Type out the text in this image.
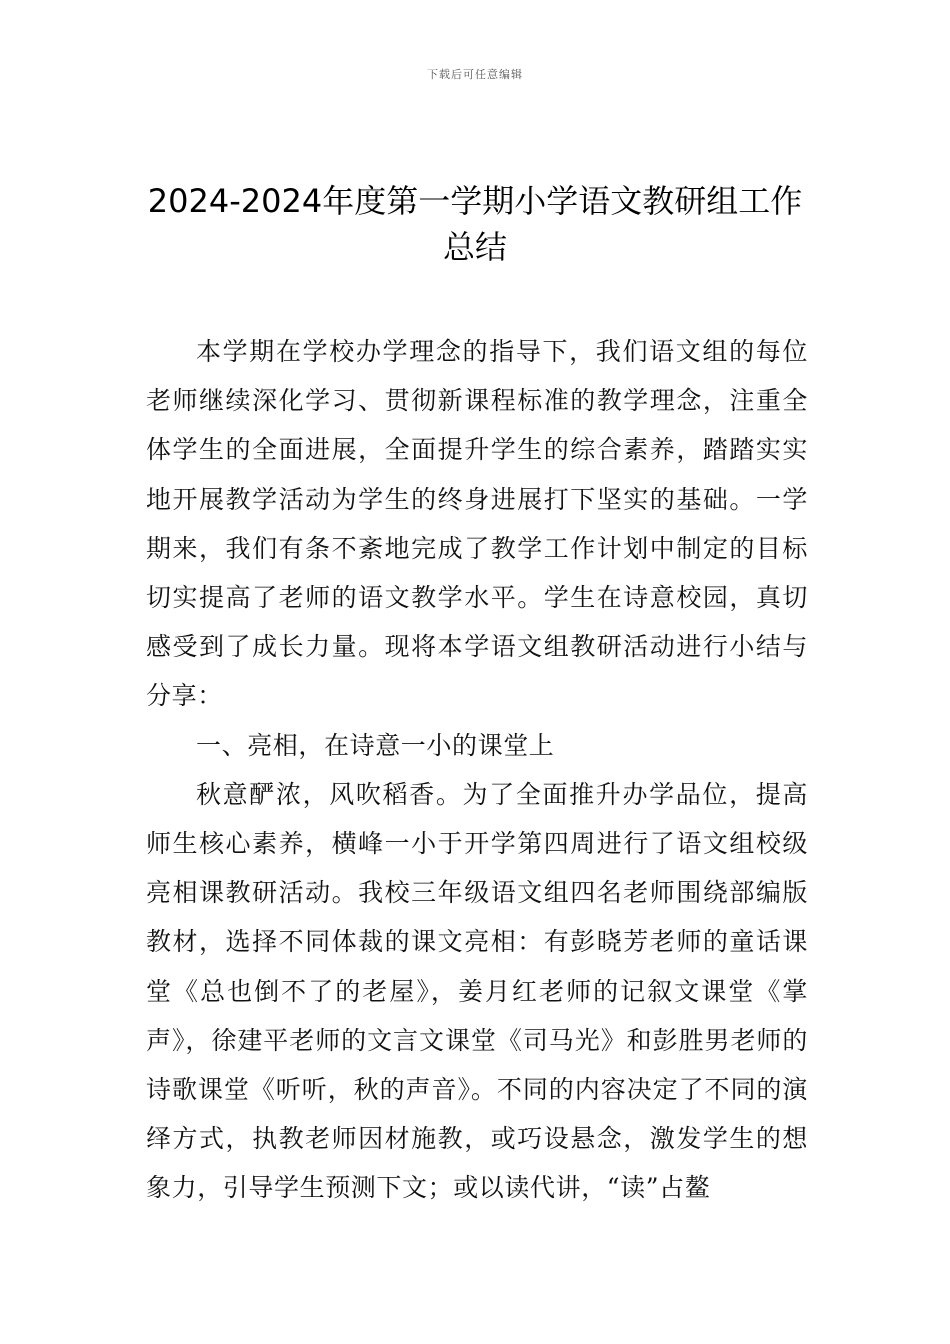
下载后可任意编辑
2024-2024年度第一学期小学语文教研组工作总结

本学期在学校办学理念的指导下，我们语文组的每位老师继续深化学习、贯彻新课程标准的教学理念，注重全体学生的全面进展，全面提升学生的综合素养，踏踏实实地开展教学活动为学生的终身进展打下坚实的基础。一学期来，我们有条不紊地完成了教学工作计划中制定的目标切实提高了老师的语文教学水平。学生在诗意校园，真切感受到了成长力量。现将本学语文组教研活动进行小结与分享：

一、亮相，在诗意一小的课堂上

秋意酽浓，风吹稻香。为了全面推升办学品位，提高师生核心素养，横峰一小于开学第四周进行了语文组校级亮相课教研活动。我校三年级语文组四名老师围绕部编版教材，选择不同体裁的课文亮相：有彭晓芳老师的童话课堂《总也倒不了的老屋》，姜月红老师的记叙文课堂《掌声》，徐建平老师的文言文课堂《司马光》和彭胜男老师的诗歌课堂《听听，秋的声音》。不同的内容决定了不同的演绎方式，执教老师因材施教，或巧设悬念，激发学生的想象力，引导学生预测下文；或以读代讲，“读”占鳌
